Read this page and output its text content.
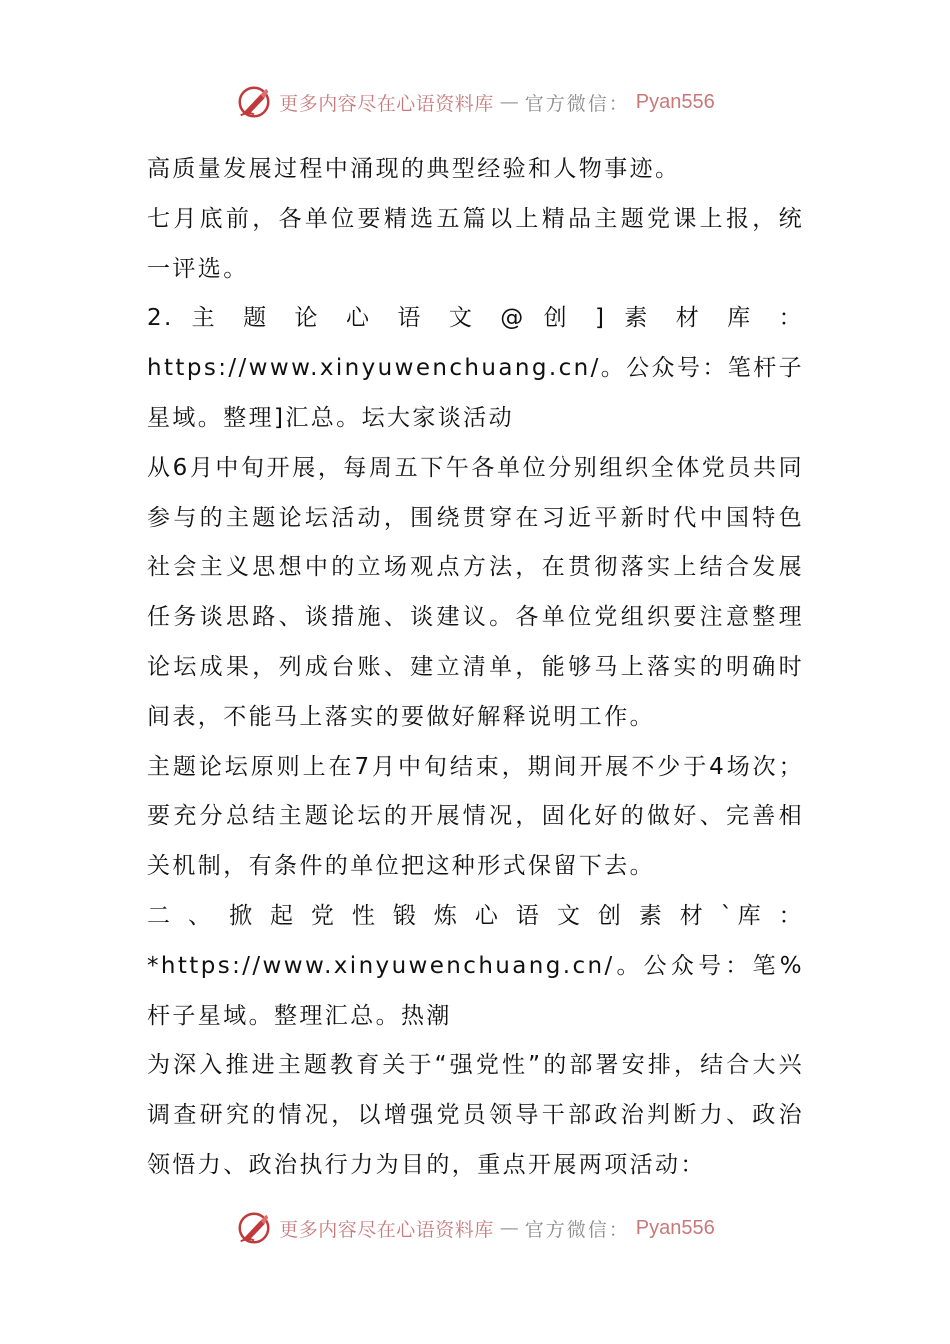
更多内容尽在心语资料库 — 官方微信： Pyan556

高质量发展过程中涌现的典型经验和人物事迹。

七月底前，各单位要精选五篇以上精品主题党课上报，统一评选。

2. 主 题 论 心 语 文 @ 创 ] 素 材 库 ： https://www.xinyuwenchuang.cn/。公众号：笔杆子星域。整理]汇总。坛大家谈活动

从6月中旬开展，每周五下午各单位分别组织全体党员共同参与的主题论坛活动，围绕贯穿在习近平新时代中国特色社会主义思想中的立场观点方法，在贯彻落实上结合发展任务谈思路、谈措施、谈建议。各单位党组织要注意整理论坛成果，列成台账、建立清单，能够马上落实的明确时间表，不能马上落实的要做好解释说明工作。

主题论坛原则上在7月中旬结束，期间开展不少于4场次；要充分总结主题论坛的开展情况，固化好的做好、完善相关机制，有条件的单位把这种形式保留下去。

二 、 掀 起 党 性 锻 炼 心 语 文 创 素 材 `库 ： *https://www.xinyuwenchuang.cn/。公众号：笔%杆子星域。整理汇总。热潮

为深入推进主题教育关于“强党性”的部署安排，结合大兴调查研究的情况，以增强党员领导干部政治判断力、政治领悟力、政治执行力为目的，重点开展两项活动：

更多内容尽在心语资料库 — 官方微信： Pyan556
